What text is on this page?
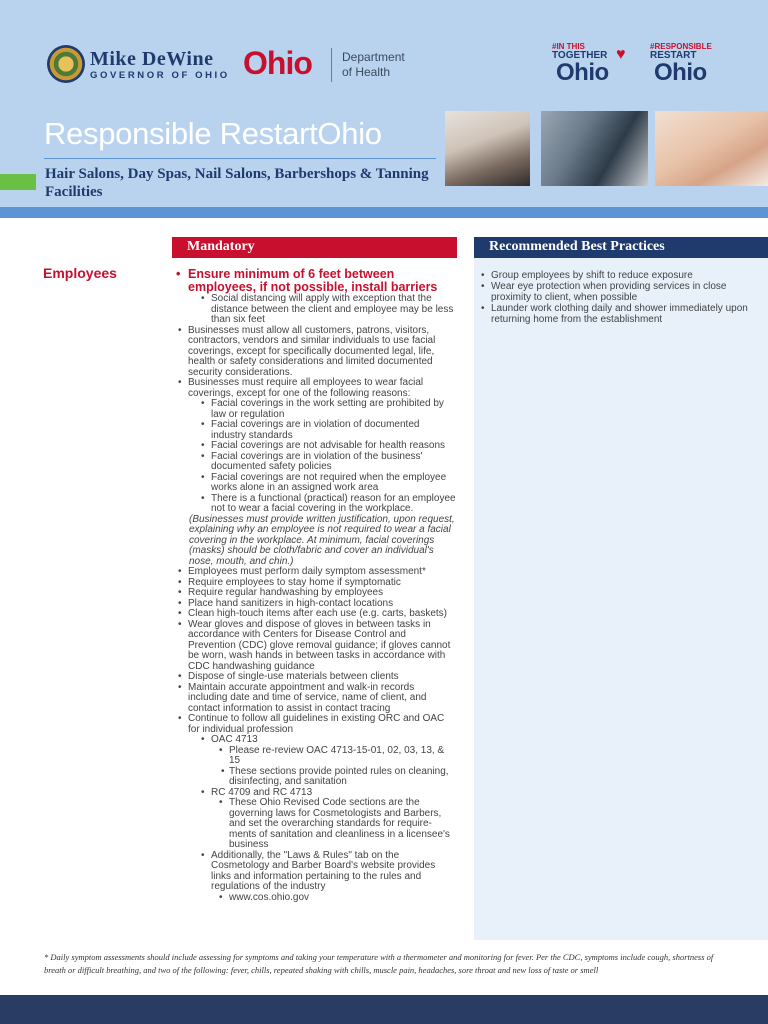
Mike DeWine
GOVERNOR OF OHIO Ohio	Department
of Health
#IN THIS
TOGETHER ♥
Ohio
#RESPONSIBLE
RESTART
Ohio
Responsible RestartOhio
Hair Salons, Day Spas, Nail Salons, Barbershops & Tanning Facilities
Mandatory	Recommended Best Practices
Employees
•	Ensure minimum of 6 feet between employees, if not possible, install barriers
• Social distancing will apply with exception that the distance between the client and employee may be less than six feet
• Businesses must allow all customers, patrons, visitors, contractors, vendors and similar individuals to use facial coverings, except for specifically documented legal, life, health or safety considerations and limited documented security considerations.
• Businesses must require all employees to wear facial coverings, except for one of the following reasons:
• Facial coverings in the work setting are prohibited by law or regulation
• Facial coverings are in violation of documented industry standards
• Facial coverings are not advisable for health reasons
• Facial coverings are in violation of the business' documented safety policies
• Facial coverings are not required when the employee works alone in an assigned work area
• There is a functional (practical) reason for an employee not to wear a facial covering in the workplace.
(Businesses must provide written justification, upon request, explaining why an employee is not required to wear a facial covering in the workplace. At minimum, facial coverings (masks) should be cloth/fabric and cover an individual's nose, mouth, and chin.)
• Employees must perform daily symptom assessment*
• Require employees to stay home if symptomatic
• Require regular handwashing by employees
• Place hand sanitizers in high-contact locations
• Clean high-touch items after each use (e.g. carts, baskets)
• Wear gloves and dispose of gloves in between tasks in accordance with Centers for Disease Control and Prevention (CDC) glove removal guidance; if gloves cannot be worn, wash hands in between tasks in accordance with CDC handwashing guidance
• Dispose of single-use materials between clients
• Maintain accurate appointment and walk-in records including date and time of service, name of client, and contact information to assist in contact tracing
• Continue to follow all guidelines in existing ORC and OAC for individual profession
• OAC 4713
• Please re-review OAC 4713-15-01, 02, 03, 13, & 15
• These sections provide pointed rules on cleaning, disinfecting, and sanitation
• RC 4709 and RC 4713
• These Ohio Revised Code sections are the governing laws for Cosmetologists and Barbers, and set the overarching standards for require-ments of sanitation and cleanliness in a licensee's business
• Additionally, the "Laws & Rules" tab on the Cosmetology and Barber Board's website provides links and information pertaining to the rules and regulations of the industry
• www.cos.ohio.gov
• Group employees by shift to reduce exposure
• Wear eye protection when providing services in close proximity to client, when possible
• Launder work clothing daily and shower immediately upon returning home from the establishment
* Daily symptom assessments should include assessing for symptoms and taking your temperature with a thermometer and monitoring for fever. Per the CDC, symptoms include cough, shortness of breath or difficult breathing, and two of the following: fever, chills, repeated shaking with chills, muscle pain, headaches, sore throat and new loss of taste or smell
